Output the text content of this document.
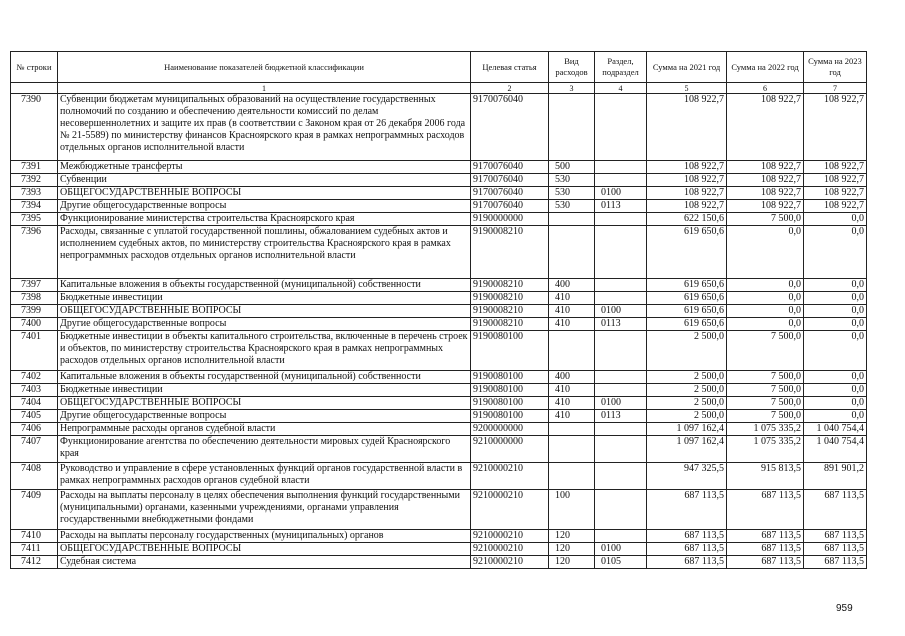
№ строки	Наименование показателей бюджетной классификации	Целевая статья	Вид расходов	Раздел, подраздел	Сумма на 2021 год	Сумма на 2022 год	Сумма на 2023 год
	1	2	3	4	5	6	7
7390	Субвенции бюджетам муниципальных образований на осуществление государственных полномочий по созданию и обеспечению деятельности комиссий по делам несовершеннолетних и защите их прав (в соответствии с Законом края от 26 декабря 2006 года № 21-5589) по министерству финансов Красноярского края в рамках непрограммных расходов отдельных органов исполнительной власти	9170076040			108 922,7	108 922,7	108 922,7
7391	Межбюджетные трансферты	9170076040	500		108 922,7	108 922,7	108 922,7
7392	Субвенции	9170076040	530		108 922,7	108 922,7	108 922,7
7393	ОБЩЕГОСУДАРСТВЕННЫЕ ВОПРОСЫ	9170076040	530	0100	108 922,7	108 922,7	108 922,7
7394	Другие общегосударственные вопросы	9170076040	530	0113	108 922,7	108 922,7	108 922,7
7395	Функционирование министерства строительства Красноярского края	9190000000			622 150,6	7 500,0	0,0
7396	Расходы, связанные с уплатой государственной пошлины, обжалованием судебных актов и исполнением судебных актов, по министерству строительства Красноярского края в рамках непрограммных расходов отдельных органов исполнительной власти	9190008210			619 650,6	0,0	0,0
7397	Капитальные вложения в объекты государственной (муниципальной) собственности	9190008210	400		619 650,6	0,0	0,0
7398	Бюджетные инвестиции	9190008210	410		619 650,6	0,0	0,0
7399	ОБЩЕГОСУДАРСТВЕННЫЕ ВОПРОСЫ	9190008210	410	0100	619 650,6	0,0	0,0
7400	Другие общегосударственные вопросы	9190008210	410	0113	619 650,6	0,0	0,0
7401	Бюджетные инвестиции в объекты капитального строительства, включенные в перечень строек и объектов, по министерству строительства Красноярского края в рамках непрограммных расходов отдельных органов исполнительной власти	9190080100			2 500,0	7 500,0	0,0
7402	Капитальные вложения в объекты государственной (муниципальной) собственности	9190080100	400		2 500,0	7 500,0	0,0
7403	Бюджетные инвестиции	9190080100	410		2 500,0	7 500,0	0,0
7404	ОБЩЕГОСУДАРСТВЕННЫЕ ВОПРОСЫ	9190080100	410	0100	2 500,0	7 500,0	0,0
7405	Другие общегосударственные вопросы	9190080100	410	0113	2 500,0	7 500,0	0,0
7406	Непрограммные расходы органов судебной власти	9200000000			1 097 162,4	1 075 335,2	1 040 754,4
7407	Функционирование агентства по обеспечению деятельности мировых судей Красноярского края	9210000000			1 097 162,4	1 075 335,2	1 040 754,4
7408	Руководство и управление в сфере установленных функций органов государственной власти в рамках непрограммных расходов органов судебной власти	9210000210			947 325,5	915 813,5	891 901,2
7409	Расходы на выплаты персоналу в целях обеспечения выполнения функций государственными (муниципальными) органами, казенными учреждениями, органами управления государственными внебюджетными фондами	9210000210	100		687 113,5	687 113,5	687 113,5
7410	Расходы на выплаты персоналу государственных (муниципальных) органов	9210000210	120		687 113,5	687 113,5	687 113,5
7411	ОБЩЕГОСУДАРСТВЕННЫЕ ВОПРОСЫ	9210000210	120	0100	687 113,5	687 113,5	687 113,5
7412	Судебная система	9210000210	120	0105	687 113,5	687 113,5	687 113,5
959
